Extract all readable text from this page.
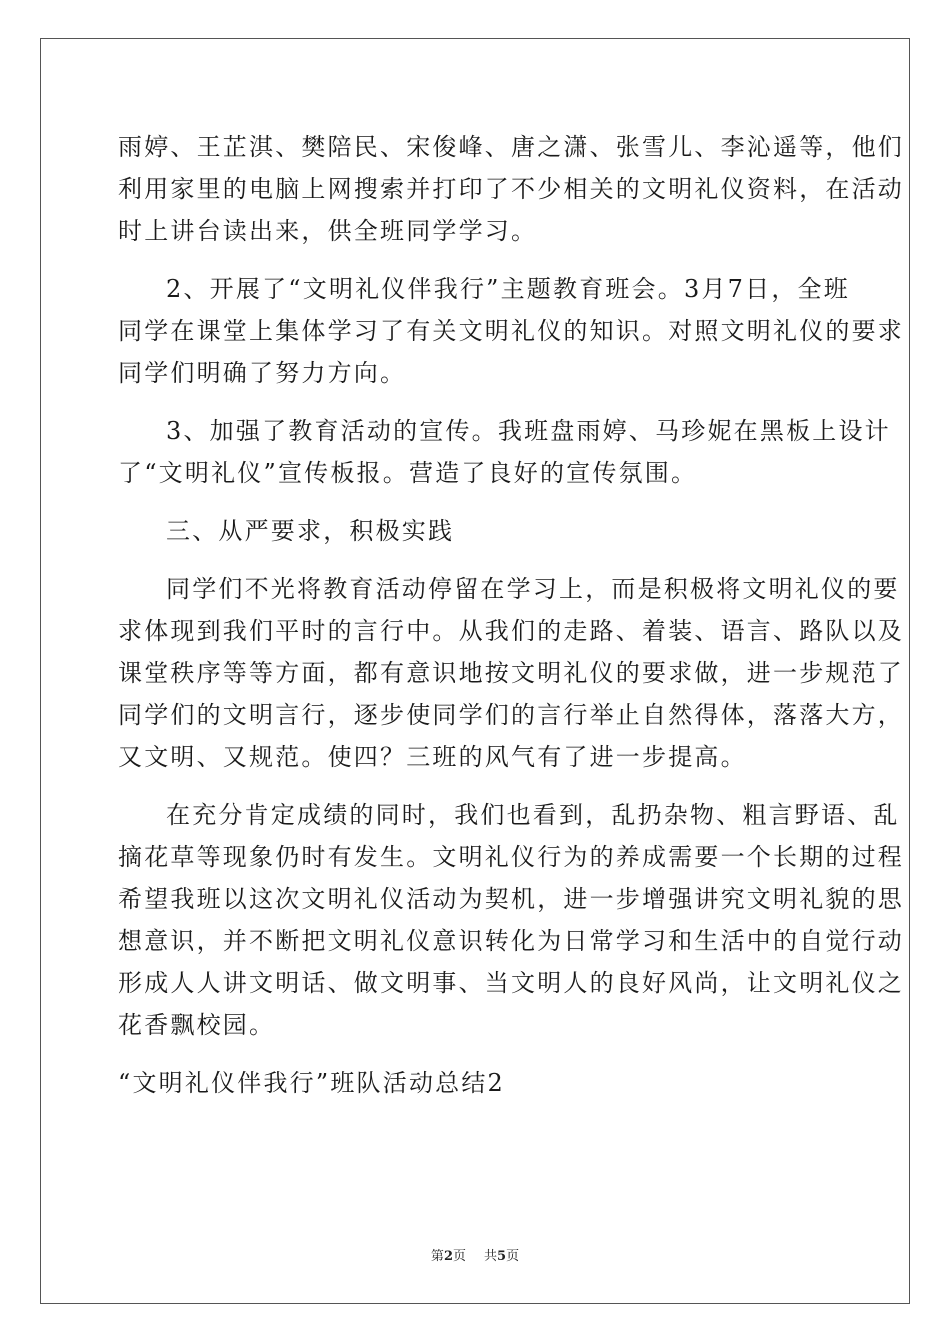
雨婷、王芷淇、樊陪民、宋俊峰、唐之潇、张雪儿、李沁遥等，他们
利用家里的电脑上网搜索并打印了不少相关的文明礼仪资料，在活动
时上讲台读出来，供全班同学学习。
2、开展了“文明礼仪伴我行”主题教育班会。3月7日，全班
同学在课堂上集体学习了有关文明礼仪的知识。对照文明礼仪的要求
同学们明确了努力方向。
3、加强了教育活动的宣传。我班盘雨婷、马珍妮在黑板上设计
了“文明礼仪”宣传板报。营造了良好的宣传氛围。
三、从严要求，积极实践
同学们不光将教育活动停留在学习上，而是积极将文明礼仪的要
求体现到我们平时的言行中。从我们的走路、着装、语言、路队以及
课堂秩序等等方面，都有意识地按文明礼仪的要求做，进一步规范了
同学们的文明言行，逐步使同学们的言行举止自然得体，落落大方，
又文明、又规范。使四？三班的风气有了进一步提高。
在充分肯定成绩的同时，我们也看到，乱扔杂物、粗言野语、乱
摘花草等现象仍时有发生。文明礼仪行为的养成需要一个长期的过程
希望我班以这次文明礼仪活动为契机，进一步增强讲究文明礼貌的思
想意识，并不断把文明礼仪意识转化为日常学习和生活中的自觉行动
形成人人讲文明话、做文明事、当文明人的良好风尚，让文明礼仪之
花香飘校园。
“文明礼仪伴我行”班队活动总结2
第2页 共5页
